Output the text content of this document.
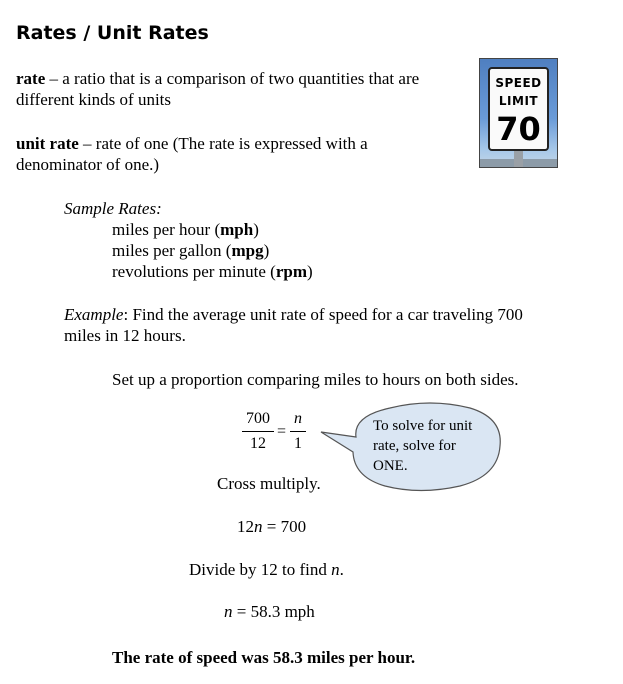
Rates / Unit Rates
rate – a ratio that is a comparison of two quantities that are
different kinds of units
unit rate – rate of one (The rate is expressed with a
denominator of one.)
SPEED
LIMIT
70
Sample Rates:
miles per hour (mph)
miles per gallon (mpg)
revolutions per minute (rpm)
Example: Find the average unit rate of speed for a car traveling 700
miles in 12 hours.
Set up a proportion comparing miles to hours on both sides.
700
12
=
n
1
To solve for unit rate, solve for ONE.
Cross multiply.
12n = 700
Divide by 12 to find n.
n = 58.3 mph
The rate of speed was 58.3 miles per hour.
